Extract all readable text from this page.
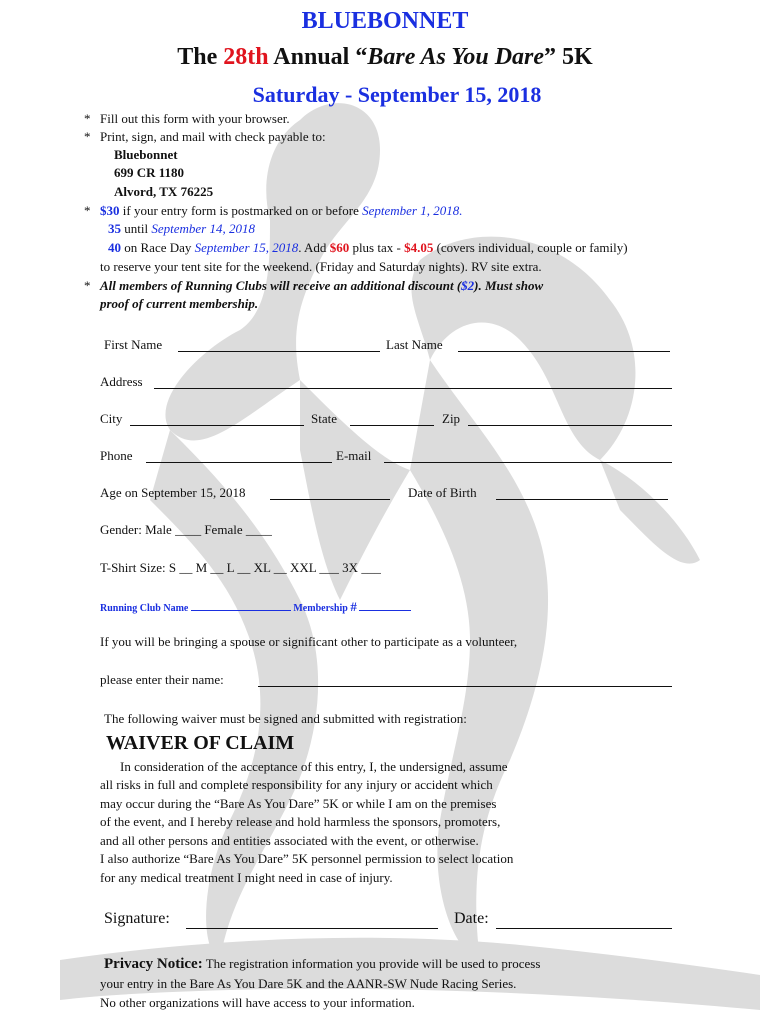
BLUEBONNET
The 28th Annual “Bare As You Dare” 5K
Saturday - September 15, 2018
* Fill out this form with your browser.
* Print, sign, and mail with check payable to:
Bluebonnet
699 CR 1180
Alvord, TX 76225
* $30 if your entry form is postmarked on or before September 1, 2018.
35 until September 14, 2018
40 on Race Day September 15, 2018. Add $60 plus tax - $4.05 (covers individual, couple or family)
to reserve your tent site for the weekend. (Friday and Saturday nights). RV site extra.
* All members of Running Clubs will receive an additional discount ($2). Must show
proof of current membership.
First Name	Last Name
Address
City	State	Zip
Phone	E-mail
Age on September 15, 2018	Date of Birth
Gender: Male ____ Female ____
T-Shirt Size: S __ M __ L __ XL __ XXL ___ 3X ___
Running Club Name	Membership #
If you will be bringing a spouse or significant other to participate as a volunteer,
please enter their name:
The following waiver must be signed and submitted with registration:
WAIVER OF CLAIM
In consideration of the acceptance of this entry, I, the undersigned, assume
all risks in full and complete responsibility for any injury or accident which
may occur during the “Bare As You Dare” 5K or while I am on the premises
of the event, and I hereby release and hold harmless the sponsors, promoters,
and all other persons and entities associated with the event, or otherwise.
I also authorize “Bare As You Dare” 5K personnel permission to select location
for any medical treatment I might need in case of injury.
Signature:	Date:
Privacy Notice: The registration information you provide will be used to process
your entry in the Bare As You Dare 5K and the AANR-SW Nude Racing Series.
No other organizations will have access to your information.
